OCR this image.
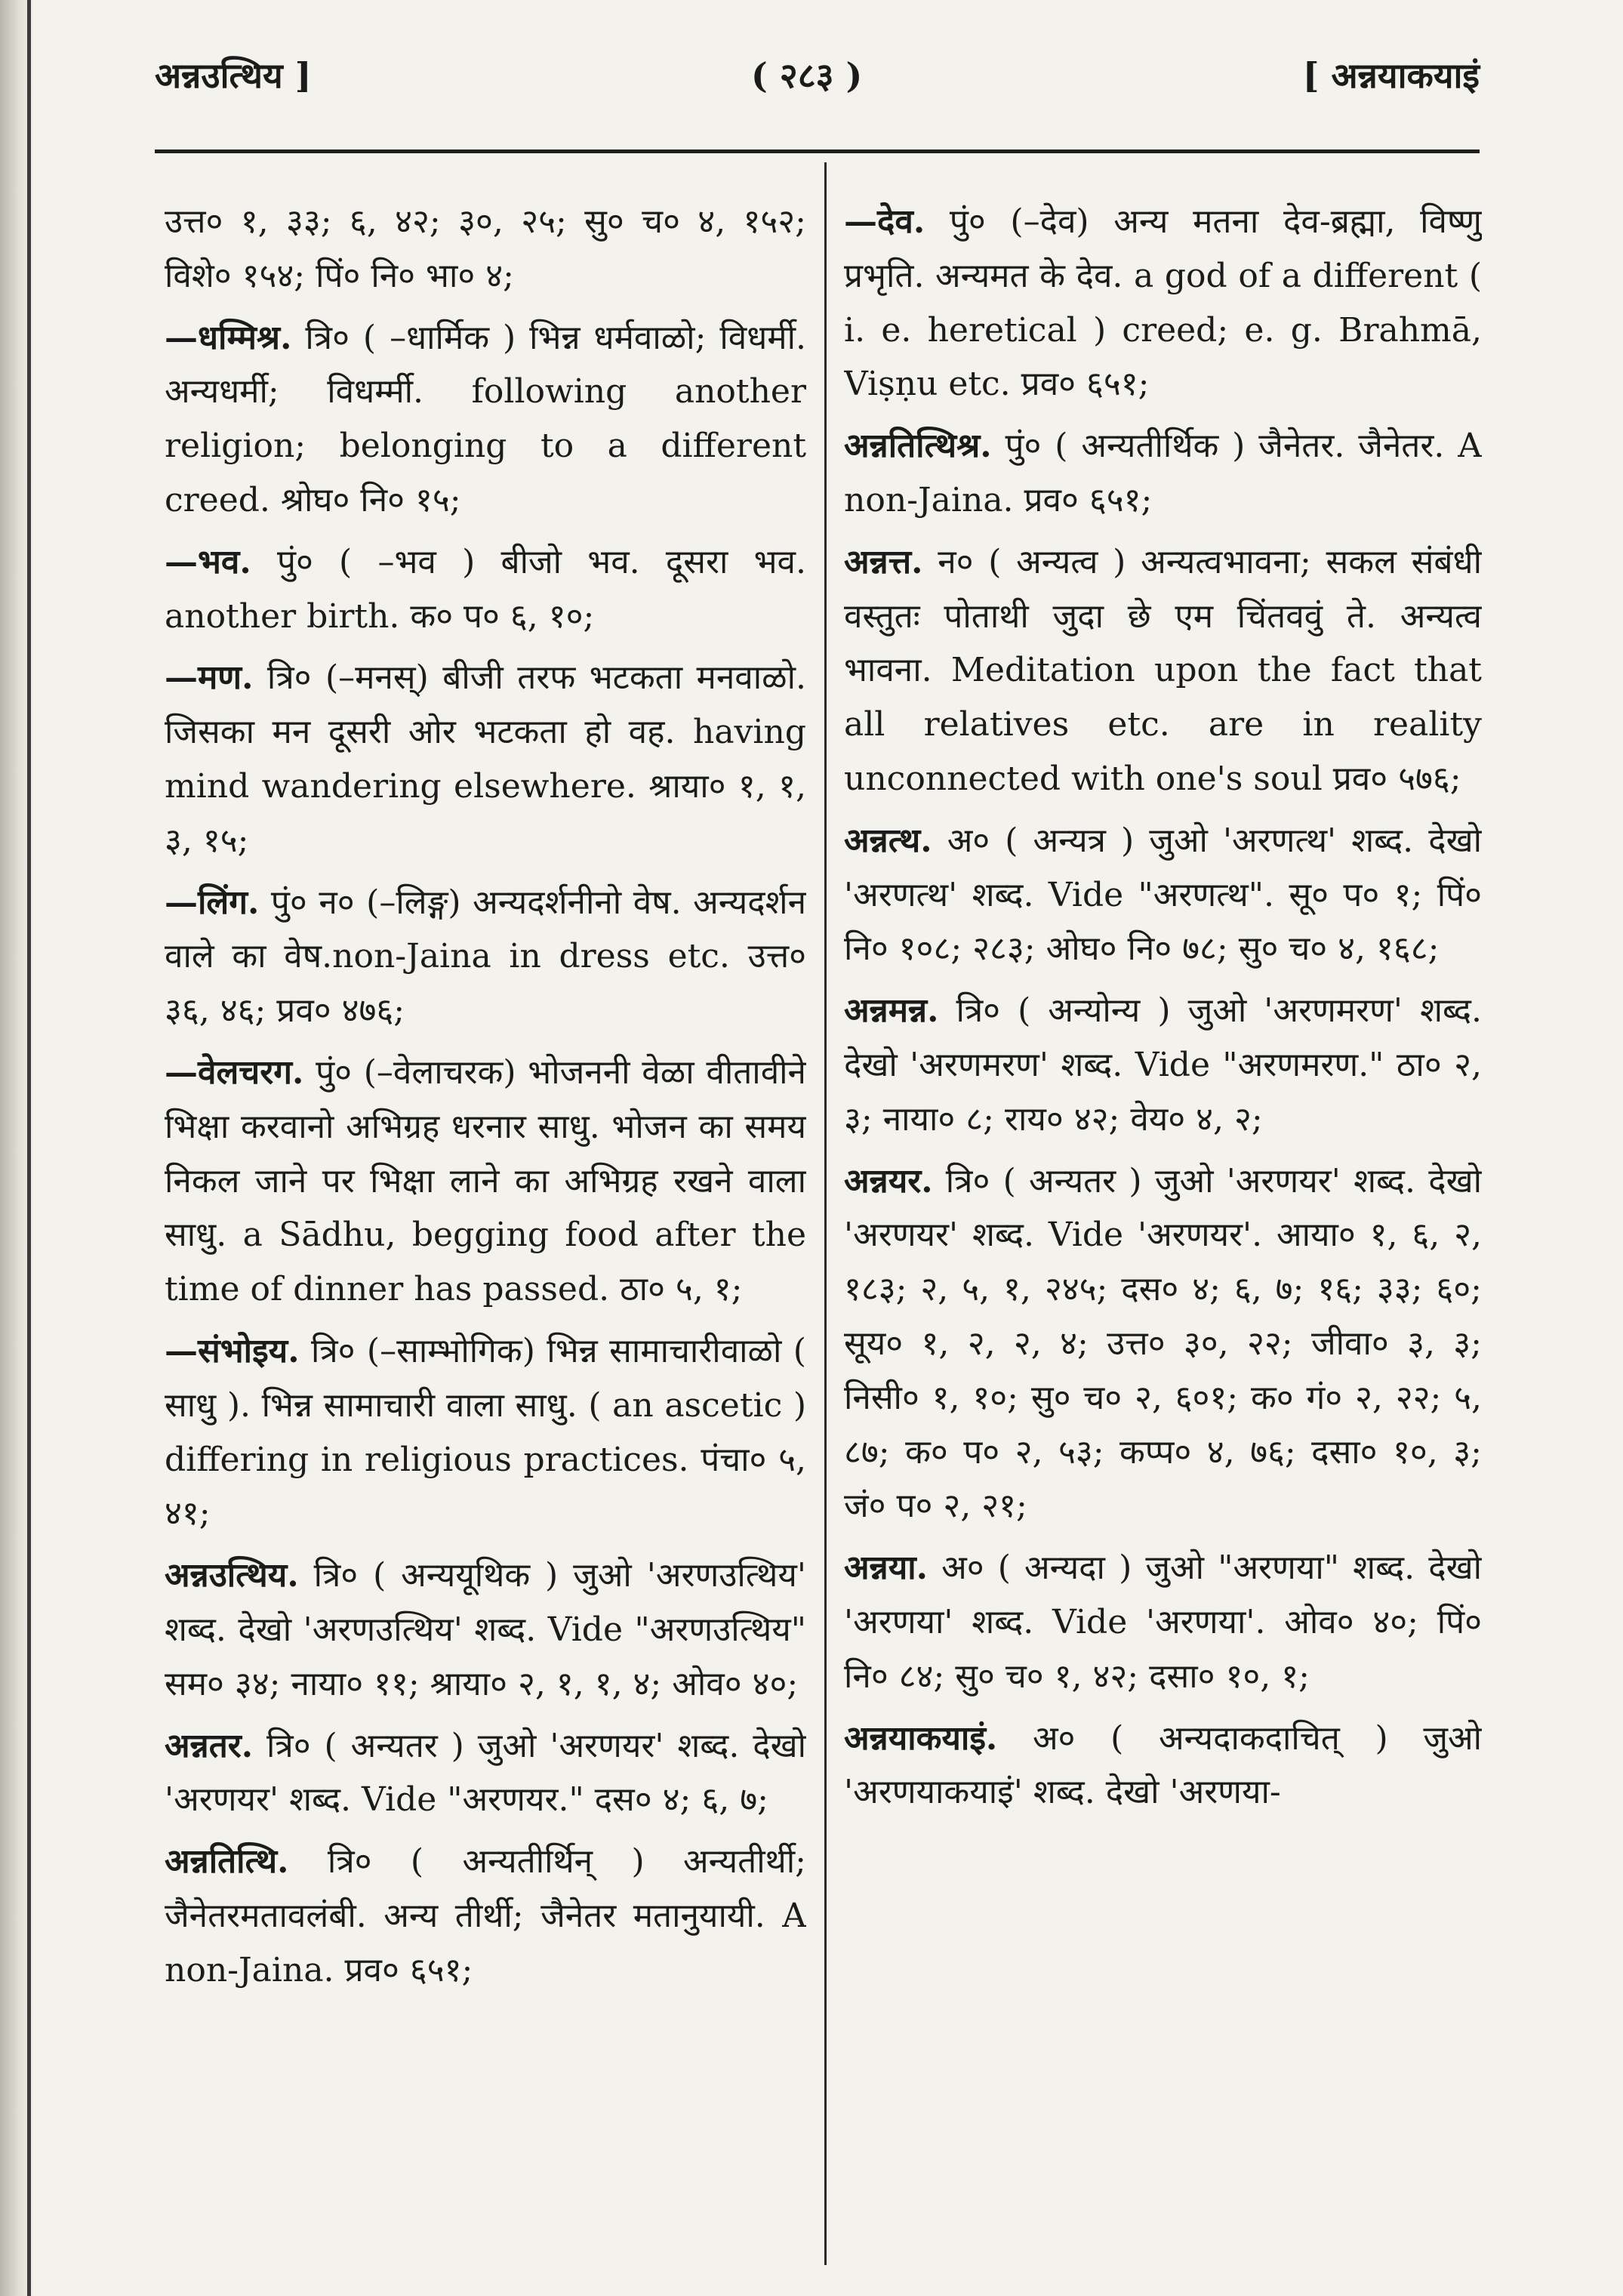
अन्नउत्थिय ]	( २८३ )	[ अन्नयाकयाइं

उत्त० १, ३३; ६, ४२; ३०, २५; सु० च० ४, १५२; विशे० १५४; पिं० नि० भा० ४;

—धम्मिश्र. त्रि० ( –धार्मिक ) भिन्न धर्मवाळो; विधर्मी. अन्यधर्मी; विधर्म्मी. following another religion; belonging to a different creed. श्रोघ० नि० १५;

—भव. पुं० ( –भव ) बीजो भव. दूसरा भव. another birth. क० प० ६, १०;

—मण. त्रि० (–मनस्) बीजी तरफ भटकता मनवाळो. जिसका मन दूसरी ओर भटकता हो वह. having mind wandering elsewhere. श्राया० १, १, ३, १५;

—लिंग. पुं० न० (–लिङ्ग) अन्यदर्शनीनो वेष. अन्यदर्शन वाले का वेष.non-Jaina in dress etc. उत्त० ३६, ४६; प्रव० ४७६;

—वेलचरग. पुं० (–वेलाचरक) भोजननी वेळा वीतावीने भिक्षा करवानो अभिग्रह धरनार साधु. भोजन का समय निकल जाने पर भिक्षा लाने का अभिग्रह रखने वाला साधु. a Sādhu, begging food after the time of dinner has passed. ठा० ५, १;

—संभोइय. त्रि० (–साम्भोगिक) भिन्न सामाचारीवाळो ( साधु ). भिन्न सामाचारी वाला साधु. ( an ascetic ) differing in religious practices. पंचा० ५, ४१;

अन्नउत्थिय. त्रि० ( अन्ययूथिक ) जुओ 'अरणउत्थिय' शब्द. देखो 'अरणउत्थिय' शब्द. Vide "अरणउत्थिय" सम० ३४; नाया० ११; श्राया० २, १, १, ४; ओव० ४०;

अन्नतर. त्रि० ( अन्यतर ) जुओ 'अरणयर' शब्द. देखो 'अरणयर' शब्द. Vide "अरणयर." दस० ४; ६, ७;

अन्नतित्थि. त्रि० ( अन्यतीर्थिन् ) अन्यतीर्थी; जैनेतरमतावलंबी. अन्य तीर्थी; जैनेतर मतानुयायी. A non-Jaina. प्रव० ६५१;

—देव. पुं० (–देव) अन्य मतना देव-ब्रह्मा, विष्णु प्रभृति. अन्यमत के देव. a god of a different ( i. e. heretical ) creed; e. g. Brahmā, Viṣṇu etc. प्रव० ६५१;

अन्नतित्थिश्र. पुं० ( अन्यतीर्थिक ) जैनेतर. जैनेतर. A non-Jaina. प्रव० ६५१;

अन्नत्त. न० ( अन्यत्व ) अन्यत्वभावना; सकल संबंधी वस्तुतः पोताथी जुदा छे एम चिंतववुं ते. अन्यत्व भावना. Meditation upon the fact that all relatives etc. are in reality unconnected with one's soul प्रव० ५७६;

अन्नत्थ. अ० ( अन्यत्र ) जुओ 'अरणत्थ' शब्द. देखो 'अरणत्थ' शब्द. Vide "अरणत्थ". सू० प० १; पिं० नि० १०८; २८३; ओघ० नि० ७८; सु० च० ४, १६८;

अन्नमन्न. त्रि० ( अन्योन्य ) जुओ 'अरणमरण' शब्द. देखो 'अरणमरण' शब्द. Vide "अरणमरण." ठा० २, ३; नाया० ८; राय० ४२; वेय० ४, २;

अन्नयर. त्रि० ( अन्यतर ) जुओ 'अरणयर' शब्द. देखो 'अरणयर' शब्द. Vide 'अरणयर'. आया० १, ६, २, १८३; २, ५, १, २४५; दस० ४; ६, ७; १६; ३३; ६०; सूय० १, २, २, ४; उत्त० ३०, २२; जीवा० ३, ३; निसी० १, १०; सु० च० २, ६०१; क० गं० २, २२; ५, ८७; क० प० २, ५३; कप्प० ४, ७६; दसा० १०, ३; जं० प० २, २१;

अन्नया. अ० ( अन्यदा ) जुओ "अरणया" शब्द. देखो 'अरणया' शब्द. Vide 'अरणया'. ओव० ४०; पिं० नि० ८४; सु० च० १, ४२; दसा० १०, १;

अन्नयाकयाइं. अ० ( अन्यदाकदाचित् ) जुओ 'अरणयाकयाइं' शब्द. देखो 'अरणया-
